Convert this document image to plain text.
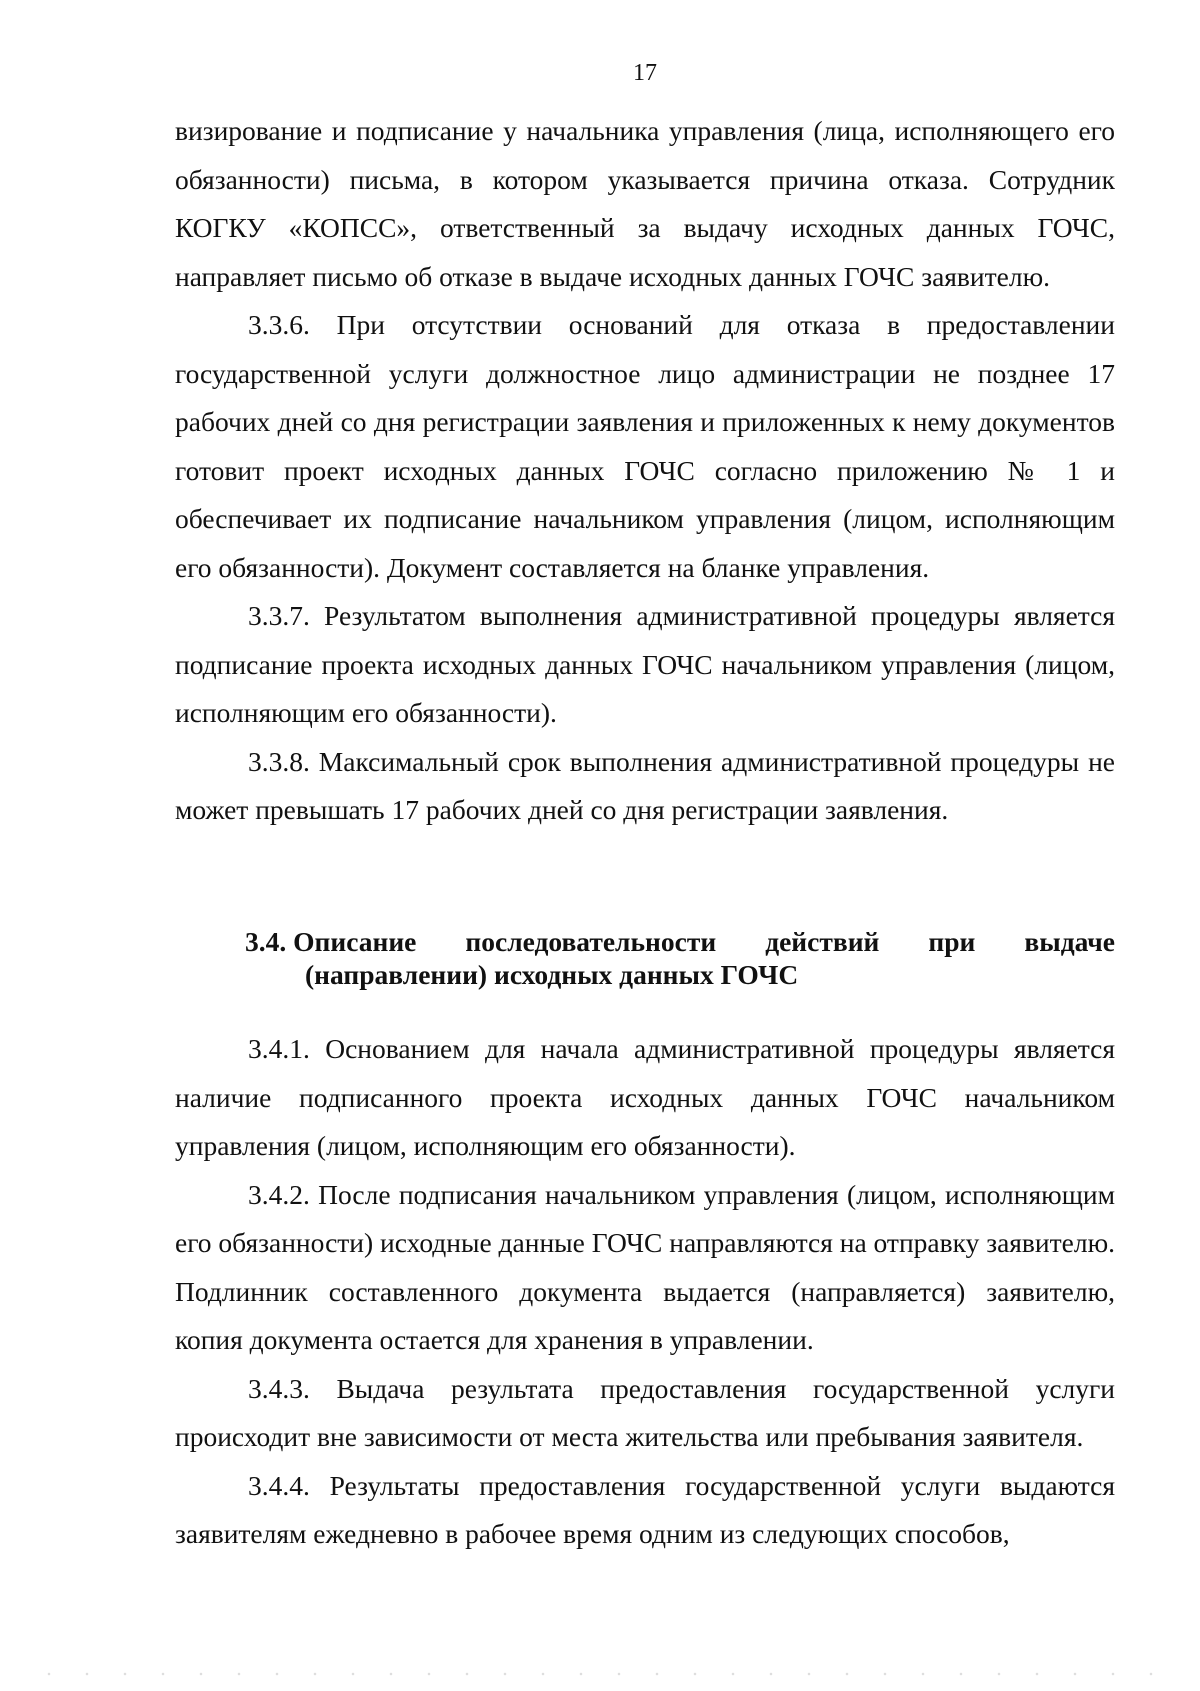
17

визирование и подписание у начальника управления (лица, исполняющего его обязанности) письма, в котором указывается причина отказа. Сотрудник КОГКУ «КОПСС», ответственный за выдачу исходных данных ГОЧС, направляет письмо об отказе в выдаче исходных данных ГОЧС заявителю.

3.3.6. При отсутствии оснований для отказа в предоставлении государственной услуги должностное лицо администрации не позднее 17 рабочих дней со дня регистрации заявления и приложенных к нему документов готовит проект исходных данных ГОЧС согласно приложению № 1 и обеспечивает их подписание начальником управления (лицом, исполняющим его обязанности). Документ составляется на бланке управления.

3.3.7. Результатом выполнения административной процедуры является подписание проекта исходных данных ГОЧС начальником управления (лицом, исполняющим его обязанности).

3.3.8. Максимальный срок выполнения административной процедуры не может превышать 17 рабочих дней со дня регистрации заявления.

3.4. Описание последовательности действий при выдаче
(направлении) исходных данных ГОЧС

3.4.1. Основанием для начала административной процедуры является наличие подписанного проекта исходных данных ГОЧС начальником управления (лицом, исполняющим его обязанности).

3.4.2. После подписания начальником управления (лицом, исполняющим его обязанности) исходные данные ГОЧС направляются на отправку заявителю. Подлинник составленного документа выдается (направляется) заявителю, копия документа остается для хранения в управлении.

3.4.3. Выдача результата предоставления государственной услуги происходит вне зависимости от места жительства или пребывания заявителя.

3.4.4. Результаты предоставления государственной услуги выдаются заявителям ежедневно в рабочее время одним из следующих способов,
